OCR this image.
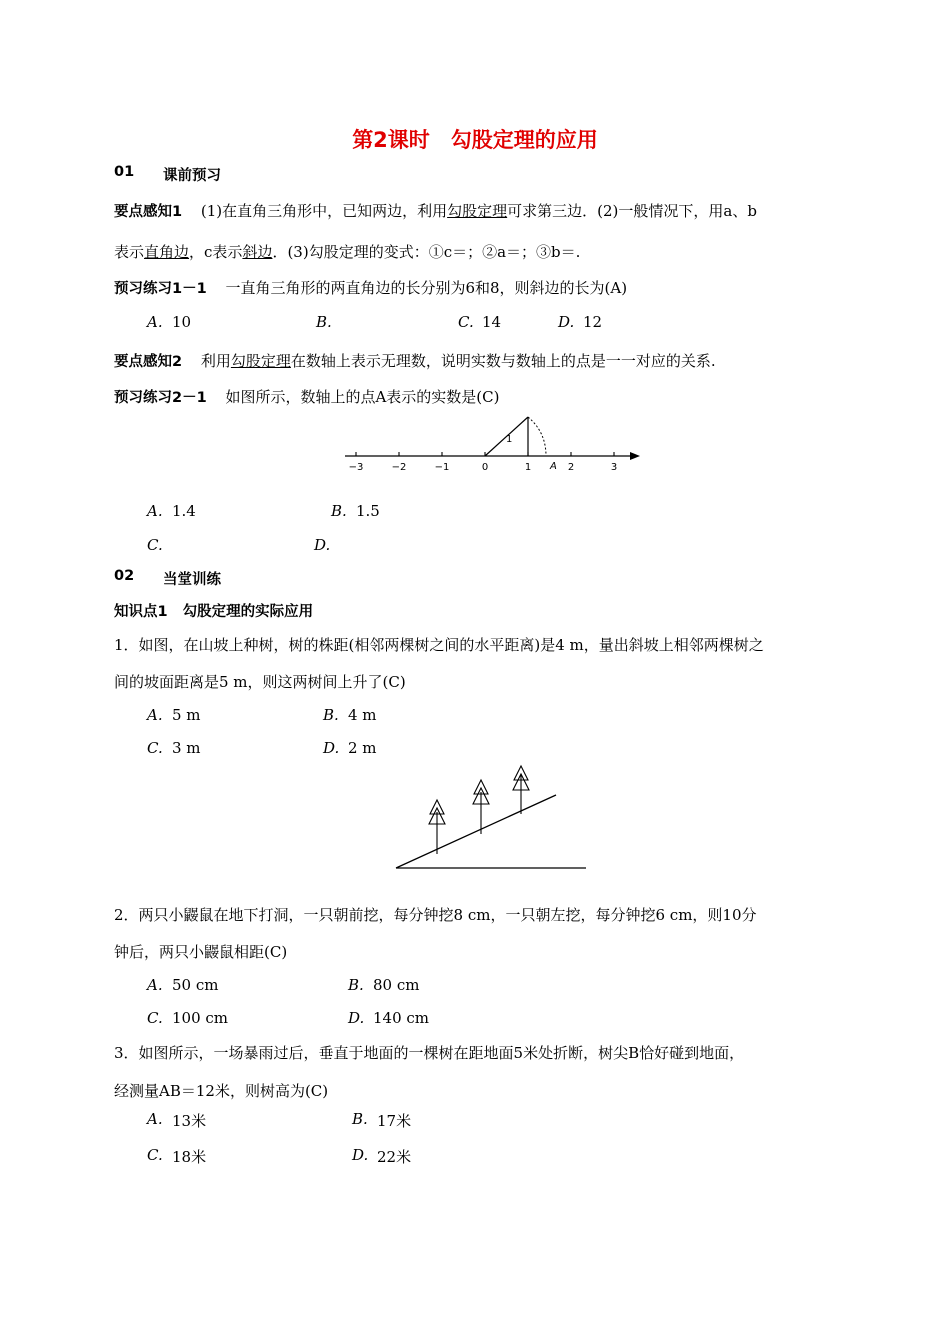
第2课时　勾股定理的应用
01 课前预习
要点感知1 (1)在直角三角形中，已知两边，利用勾股定理可求第三边．(2)一般情况下，用a、b
表示直角边，c表示斜边．(3)勾股定理的变式：①c＝；②a＝；③b＝.
预习练习1－1 一直角三角形的两直角边的长分别为6和8，则斜边的长为(A)
A. 10	B.	C. 14	D. 12
要点感知2 利用勾股定理在数轴上表示无理数，说明实数与数轴上的点是一一对应的关系.
预习练习2－1 如图所示，数轴上的点A表示的实数是(C)
1
A
−3	−2	−1	0	1	2	3
A. 1.4	B. 1.5
C.	D.
02 当堂训练
知识点1 勾股定理的实际应用
1．如图，在山坡上种树，树的株距(相邻两棵树之间的水平距离)是4 m，量出斜坡上相邻两棵树之
间的坡面距离是5 m，则这两树间上升了(C)
A. 5 m	B. 4 m
C. 3 m	D. 2 m
2．两只小鼹鼠在地下打洞，一只朝前挖，每分钟挖8 cm，一只朝左挖，每分钟挖6 cm，则10分
钟后，两只小鼹鼠相距(C)
A. 50 cm	B. 80 cm
C. 100 cm	D. 140 cm
3．如图所示，一场暴雨过后，垂直于地面的一棵树在距地面5米处折断，树尖B恰好碰到地面，
经测量AB＝12米，则树高为(C)
A. 13米	B. 17米
C. 18米	D. 22米
